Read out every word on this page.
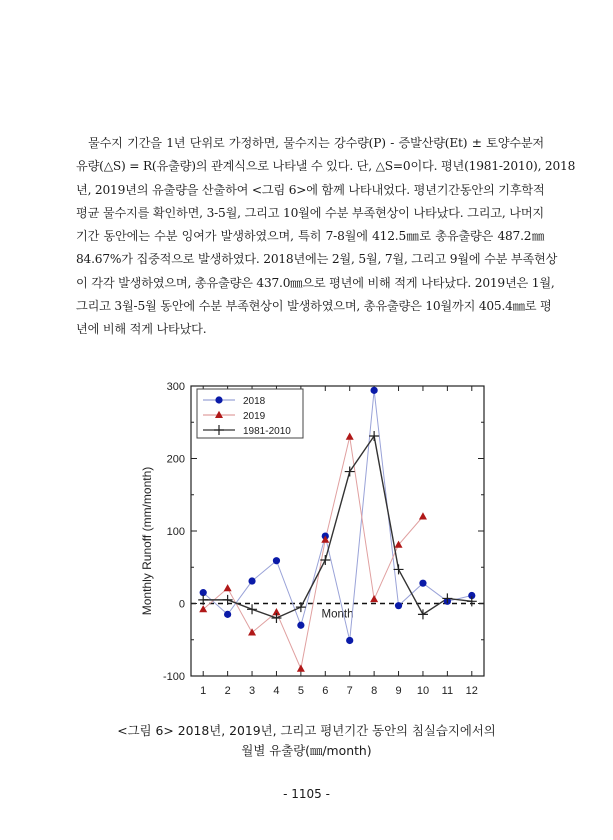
물수지 기간을 1년 단위로 가정하면, 물수지는 강수량(P) - 증발산량(Et) ± 토양수분저
유량(△S) = R(유출량)의 관계식으로 나타낼 수 있다. 단, △S=0이다. 평년(1981-2010), 2018
년, 2019년의 유출량을 산출하여 <그림 6>에 함께 나타내었다. 평년기간동안의 기후학적
평균 물수지를 확인하면, 3-5월, 그리고 10월에 수분 부족현상이 나타났다. 그리고, 나머지
기간 동안에는 수분 잉여가 발생하였으며, 특히 7-8월에 412.5㎜로 총유출량은 487.2㎜
84.67%가 집중적으로 발생하였다. 2018년에는 2월, 5월, 7월, 그리고 9월에 수분 부족현상
이 각각 발생하였으며, 총유출량은 437.0㎜으로 평년에 비해 적게 나타났다. 2019년은 1월,
그리고 3월-5월 동안에 수분 부족현상이 발생하였으며, 총유출량은 10월까지 405.4㎜로 평
년에 비해 적게 나타났다.
-100
0
100
200
300
1 2 3 4 5 6 7 8 9 10 11 12
Month
Monthly Runoff (mm/month)
2018
2019
1981-2010
<그림 6> 2018년, 2019년, 그리고 평년기간 동안의 침실습지에서의
월별 유출량(㎜/month)
- 1105 -
